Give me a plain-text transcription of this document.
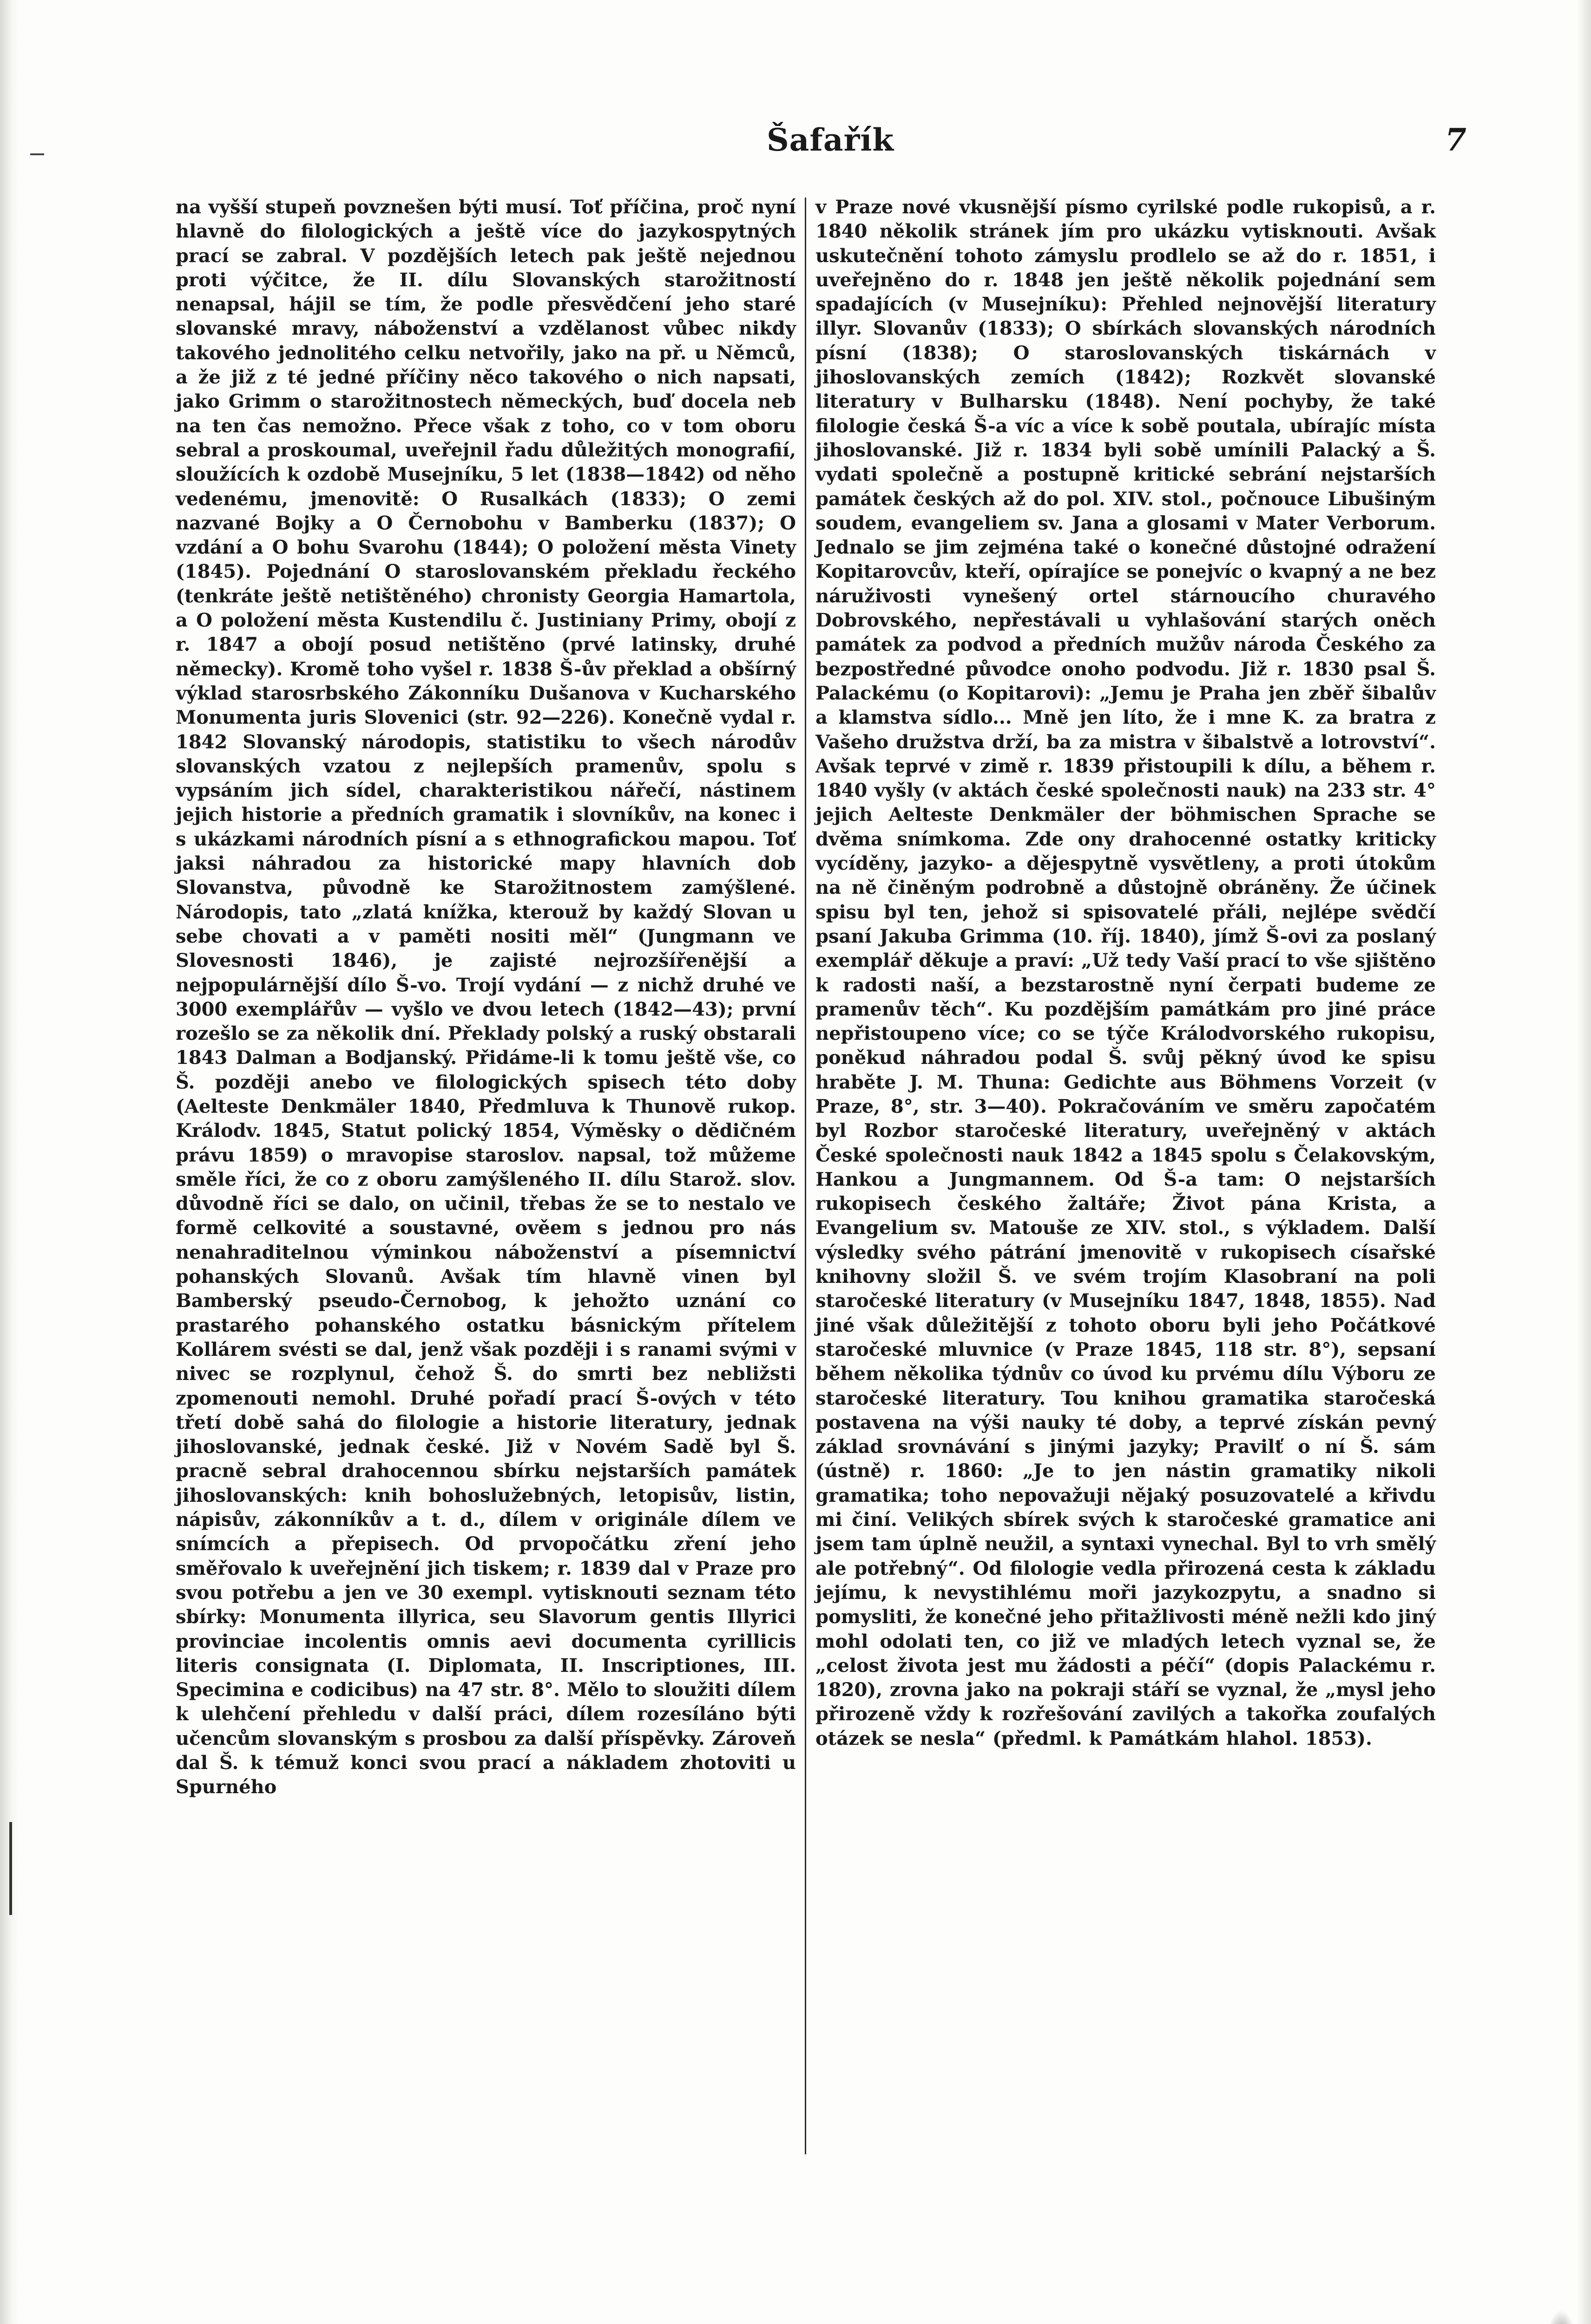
Šafařík	7

na vyšší stupeň povznešen býti musí. Toť příčina, proč nyní hlavně do filologických a ještě více do jazykospytných prací se zabral. V pozdějších letech pak ještě nejednou proti výčitce, že II. dílu Slovanských starožitností nenapsal, hájil se tím, že podle přesvědčení jeho staré slovanské mravy, náboženství a vzdělanost vůbec nikdy takového jednolitého celku netvořily, jako na př. u Němců, a že již z té jedné příčiny něco takového o nich napsati, jako Grimm o starožitnostech německých, buď docela neb na ten čas nemožno. Přece však z toho, co v tom oboru sebral a proskoumal, uveřejnil řadu důležitých monografií, sloužících k ozdobě Musejníku, 5 let (1838—1842) od něho vedenému, jmenovitě: O Rusalkách (1833); O zemi nazvané Bojky a O Černobohu v Bamberku (1837); O vzdání a O bohu Svarohu (1844); O položení města Vinety (1845). Pojednání O staroslovanském překladu řeckého (tenkráte ještě netištěného) chronisty Georgia Hamartola, a O položení města Kustendilu č. Justiniany Primy, obojí z r. 1847 a obojí posud netištěno (prvé latinsky, druhé německy). Kromě toho vyšel r. 1838 Š-ův překlad a obšírný výklad starosrbského Zákonníku Dušanova v Kucharského Monumenta juris Slovenici (str. 92—226). Konečně vydal r. 1842 Slovanský národopis, statistiku to všech národův slovanských vzatou z nejlepších pramenův, spolu s vypsáním jich sídel, charakteristikou nářečí, nástinem jejich historie a předních gramatik i slovníkův, na konec i s ukázkami národních písní a s ethnografickou mapou. Toť jaksi náhradou za historické mapy hlavních dob Slovanstva, původně ke Starožitnostem zamýšlené. Národopis, tato „zlatá knížka, kterouž by každý Slovan u sebe chovati a v paměti nositi měl“ (Jungmann ve Slovesnosti 1846), je zajisté nejrozšířenější a nejpopulárnější dílo Š-vo. Trojí vydání — z nichž druhé ve 3000 exemplářův — vyšlo ve dvou letech (1842—43); první rozešlo se za několik dní. Překlady polský a ruský obstarali 1843 Dalman a Bodjanský. Přidáme-li k tomu ještě vše, co Š. později anebo ve filologických spisech této doby (Aelteste Denkmäler 1840, Předmluva k Thunově rukop. Králodv. 1845, Statut polický 1854, Výměsky o dědičném právu 1859) o mravopise staroslov. napsal, tož můžeme směle říci, že co z oboru zamýšleného II. dílu Starož. slov. důvodně říci se dalo, on učinil, třebas že se to nestalo ve formě celkovité a soustavné, ověem s jednou pro nás nenahraditelnou výminkou náboženství a písemnictví pohanských Slovanů. Avšak tím hlavně vinen byl Bamberský pseudo-Černobog, k jehožto uznání co prastarého pohanského ostatku básnickým přítelem Kollárem svésti se dal, jenž však později i s ranami svými v nivec se rozplynul, čehož Š. do smrti bez nebližsti zpomenouti nemohl. Druhé pořadí prací Š-ových v této třetí době sahá do filologie a historie literatury, jednak jihoslovanské, jednak české. Již v Novém Sadě byl Š. pracně sebral drahocennou sbírku nejstarších památek jihoslovanských: knih bohoslužebných, letopisův, listin, nápisův, zákonníkův a t. d., dílem v originále dílem ve snímcích a přepisech. Od prvopočátku zření jeho směřovalo k uveřejnění jich tiskem; r. 1839 dal v Praze pro svou potřebu a jen ve 30 exempl. vytisknouti seznam této sbírky: Monumenta illyrica, seu Slavorum gentis Illyrici provinciae incolentis omnis aevi documenta cyrillicis literis consignata (I. Diplomata, II. Inscriptiones, III. Specimina e codicibus) na 47 str. 8°. Mělo to sloužiti dílem k ulehčení přehledu v další práci, dílem rozesíláno býti učencům slovanským s prosbou za další příspěvky. Zároveň dal Š. k témuž konci svou prací a nákladem zhotoviti u Spurného

v Praze nové vkusnější písmo cyrilské podle rukopisů, a r. 1840 několik stránek jím pro ukázku vytisknouti. Avšak uskutečnění tohoto zámyslu prodlelo se až do r. 1851, i uveřejněno do r. 1848 jen ještě několik pojednání sem spadajících (v Musejníku): Přehled nejnovější literatury illyr. Slovanův (1833); O sbírkách slovanských národních písní (1838); O staroslovanských tiskárnách v jihoslovanských zemích (1842); Rozkvět slovanské literatury v Bulharsku (1848). Není pochyby, že také filologie česká Š-a víc a více k sobě poutala, ubírajíc místa jihoslovanské. Již r. 1834 byli sobě umínili Palacký a Š. vydati společně a postupně kritické sebrání nejstarších památek českých až do pol. XIV. stol., počnouce Libušiným soudem, evangeliem sv. Jana a glosami v Mater Verborum. Jednalo se jim zejména také o konečné důstojné odražení Kopitarovcův, kteří, opírajíce se ponejvíc o kvapný a ne bez náruživosti vynešený ortel stárnoucího churavého Dobrovského, nepřestávali u vyhlašování starých oněch památek za podvod a předních mužův národa Českého za bezpostředné původce onoho podvodu. Již r. 1830 psal Š. Palackému (o Kopitarovi): „Jemu je Praha jen zběř šibalův a klamstva sídlo... Mně jen líto, že i mne K. za bratra z Vašeho družstva drží, ba za mistra v šibalstvě a lotrovství“. Avšak teprvé v zimě r. 1839 přistoupili k dílu, a během r. 1840 vyšly (v aktách české společnosti nauk) na 233 str. 4° jejich Aelteste Denkmäler der böhmischen Sprache se dvěma snímkoma. Zde ony drahocenné ostatky kriticky vycíděny, jazyko- a dějespytně vysvětleny, a proti útokům na ně činěným podrobně a důstojně obráněny. Že účinek spisu byl ten, jehož si spisovatelé přáli, nejlépe svědčí psaní Jakuba Grimma (10. říj. 1840), jímž Š-ovi za poslaný exemplář děkuje a praví: „Už tedy Vaší prací to vše sjištěno k radosti naší, a bezstarostně nyní čerpati budeme ze pramenův těch“. Ku pozdějším památkám pro jiné práce nepřistoupeno více; co se týče Králodvorského rukopisu, poněkud náhradou podal Š. svůj pěkný úvod ke spisu hraběte J. M. Thuna: Gedichte aus Böhmens Vorzeit (v Praze, 8°, str. 3—40). Pokračováním ve směru započatém byl Rozbor staročeské literatury, uveřejněný v aktách České společnosti nauk 1842 a 1845 spolu s Čelakovským, Hankou a Jungmannem. Od Š-a tam: O nejstarších rukopisech českého žaltáře; Život pána Krista, a Evangelium sv. Matouše ze XIV. stol., s výkladem. Další výsledky svého pátrání jmenovitě v rukopisech císařské knihovny složil Š. ve svém trojím Klasobraní na poli staročeské literatury (v Musejníku 1847, 1848, 1855). Nad jiné však důležitější z tohoto oboru byli jeho Počátkové staročeské mluvnice (v Praze 1845, 118 str. 8°), sepsaní během několika týdnův co úvod ku prvému dílu Výboru ze staročeské literatury. Tou knihou gramatika staročeská postavena na výši nauky té doby, a teprvé získán pevný základ srovnávání s jinými jazyky; Pravilť o ní Š. sám (ústně) r. 1860: „Je to jen nástin gramatiky nikoli gramatika; toho nepovažuji nějaký posuzovatelé a křivdu mi činí. Velikých sbírek svých k staročeské gramatice ani jsem tam úplně neužil, a syntaxi vynechal. Byl to vrh smělý ale potřebný“. Od filologie vedla přirozená cesta k základu jejímu, k nevystihlému moři jazykozpytu, a snadno si pomysliti, že konečné jeho přitažlivosti méně nežli kdo jiný mohl odolati ten, co již ve mladých letech vyznal se, že „celost života jest mu žádosti a péčí“ (dopis Palackému r. 1820), zrovna jako na pokraji stáří se vyznal, že „mysl jeho přirozeně vždy k rozřešování zavilých a takořka zoufalých otázek se nesla“ (předml. k Památkám hlahol. 1853).
